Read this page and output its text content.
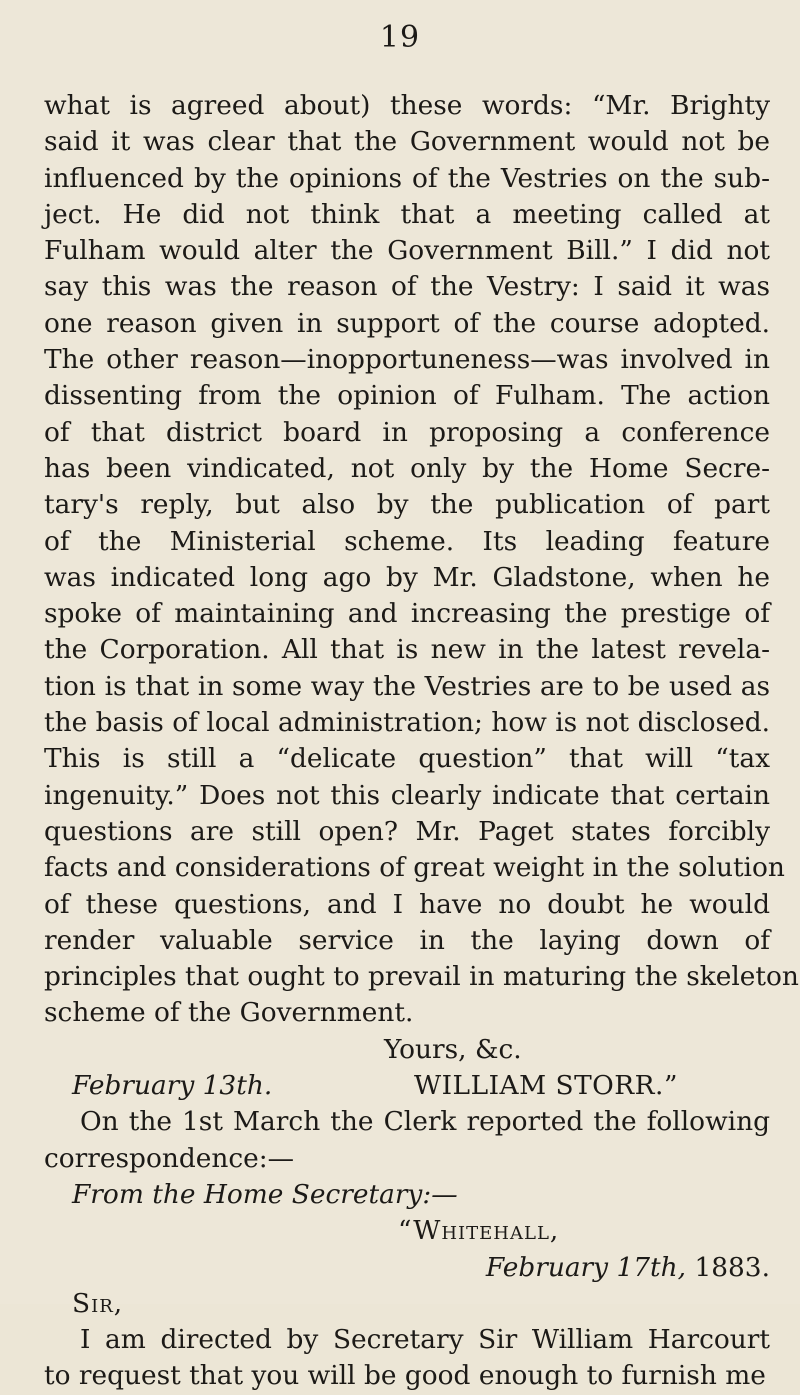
19
what is agreed about) these words: “Mr. Brighty
said it was clear that the Government would not be
influenced by the opinions of the Vestries on the sub-
ject. He did not think that a meeting called at
Fulham would alter the Government Bill.” I did not
say this was the reason of the Vestry: I said it was
one reason given in support of the course adopted.
The other reason—inopportuneness—was involved in
dissenting from the opinion of Fulham. The action
of that district board in proposing a conference
has been vindicated, not only by the Home Secre-
tary's reply, but also by the publication of part
of the Ministerial scheme. Its leading feature
was indicated long ago by Mr. Gladstone, when he
spoke of maintaining and increasing the prestige of
the Corporation. All that is new in the latest revela-
tion is that in some way the Vestries are to be used as
the basis of local administration; how is not disclosed.
This is still a “delicate question” that will “tax
ingenuity.” Does not this clearly indicate that certain
questions are still open? Mr. Paget states forcibly
facts and considerations of great weight in the solution
of these questions, and I have no doubt he would
render valuable service in the laying down of
principles that ought to prevail in maturing the skeleton
scheme of the Government.
Yours, &c.
February 13th.	WILLIAM STORR.”
On the 1st March the Clerk reported the following
correspondence:—
From the Home Secretary:—
“Whitehall,
February 17th, 1883.
Sir,
I am directed by Secretary Sir William Harcourt
to request that you will be good enough to furnish me
